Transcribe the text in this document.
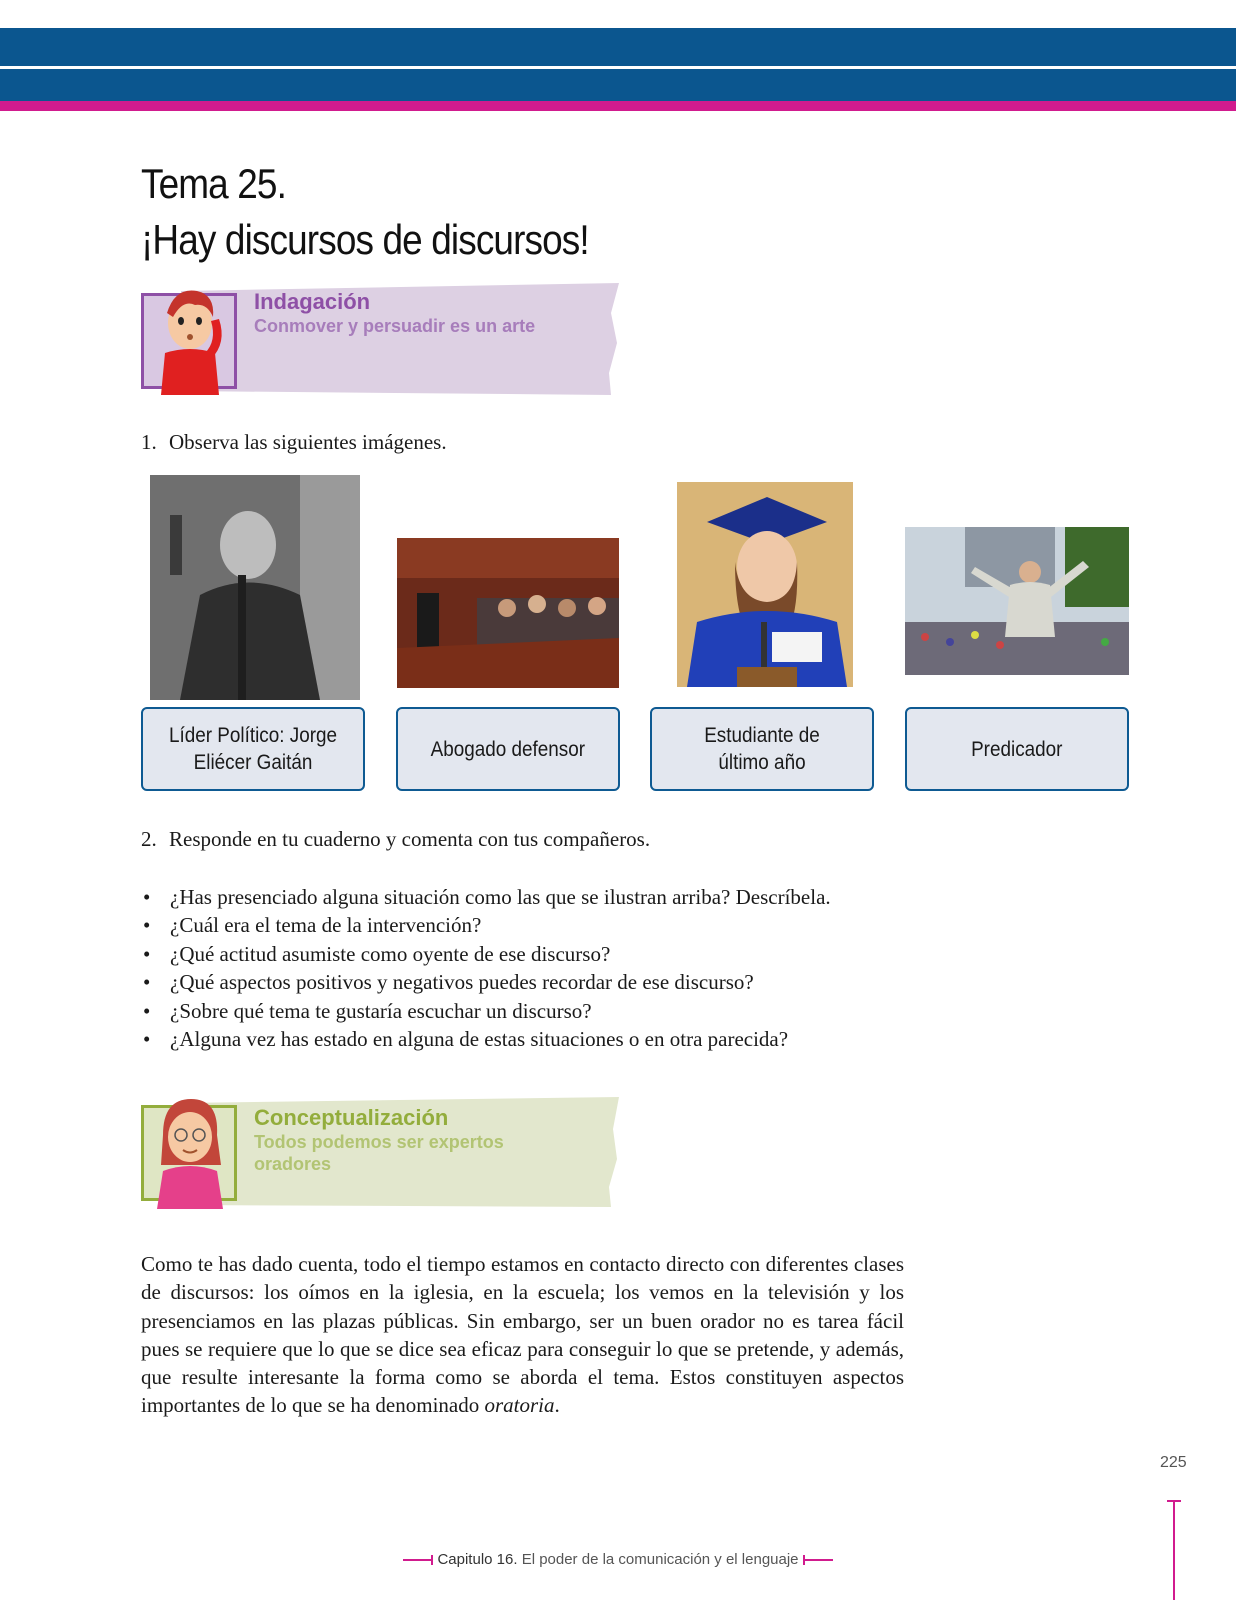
Tema 25.
¡Hay discursos de discursos!
Indagación
Conmover y persuadir es un arte
1. Observa las siguientes imágenes.
Líder Político: Jorge Eliécer Gaitán
Abogado defensor
Estudiante de último año
Predicador
2. Responde en tu cuaderno y comenta con tus compañeros.
• ¿Has presenciado alguna situación como las que se ilustran arriba? Descríbela.
• ¿Cuál era el tema de la intervención?
• ¿Qué actitud asumiste como oyente de ese discurso?
• ¿Qué aspectos positivos y negativos puedes recordar de ese discurso?
• ¿Sobre qué tema te gustaría escuchar un discurso?
• ¿Alguna vez has estado en alguna de estas situaciones o en otra parecida?
Conceptualización
Todos podemos ser expertos oradores
Como te has dado cuenta, todo el tiempo estamos en contacto directo con diferentes clases de discursos: los oímos en la iglesia, en la escuela; los vemos en la televisión y los presenciamos en las plazas públicas. Sin embargo, ser un buen orador no es tarea fácil pues se requiere que lo que se dice sea eficaz para conseguir lo que se pretende, y además, que resulte interesante la forma como se aborda el tema. Estos constituyen aspectos importantes de lo que se ha denominado oratoria.
225
Capitulo 16. El poder de la comunicación y el lenguaje
